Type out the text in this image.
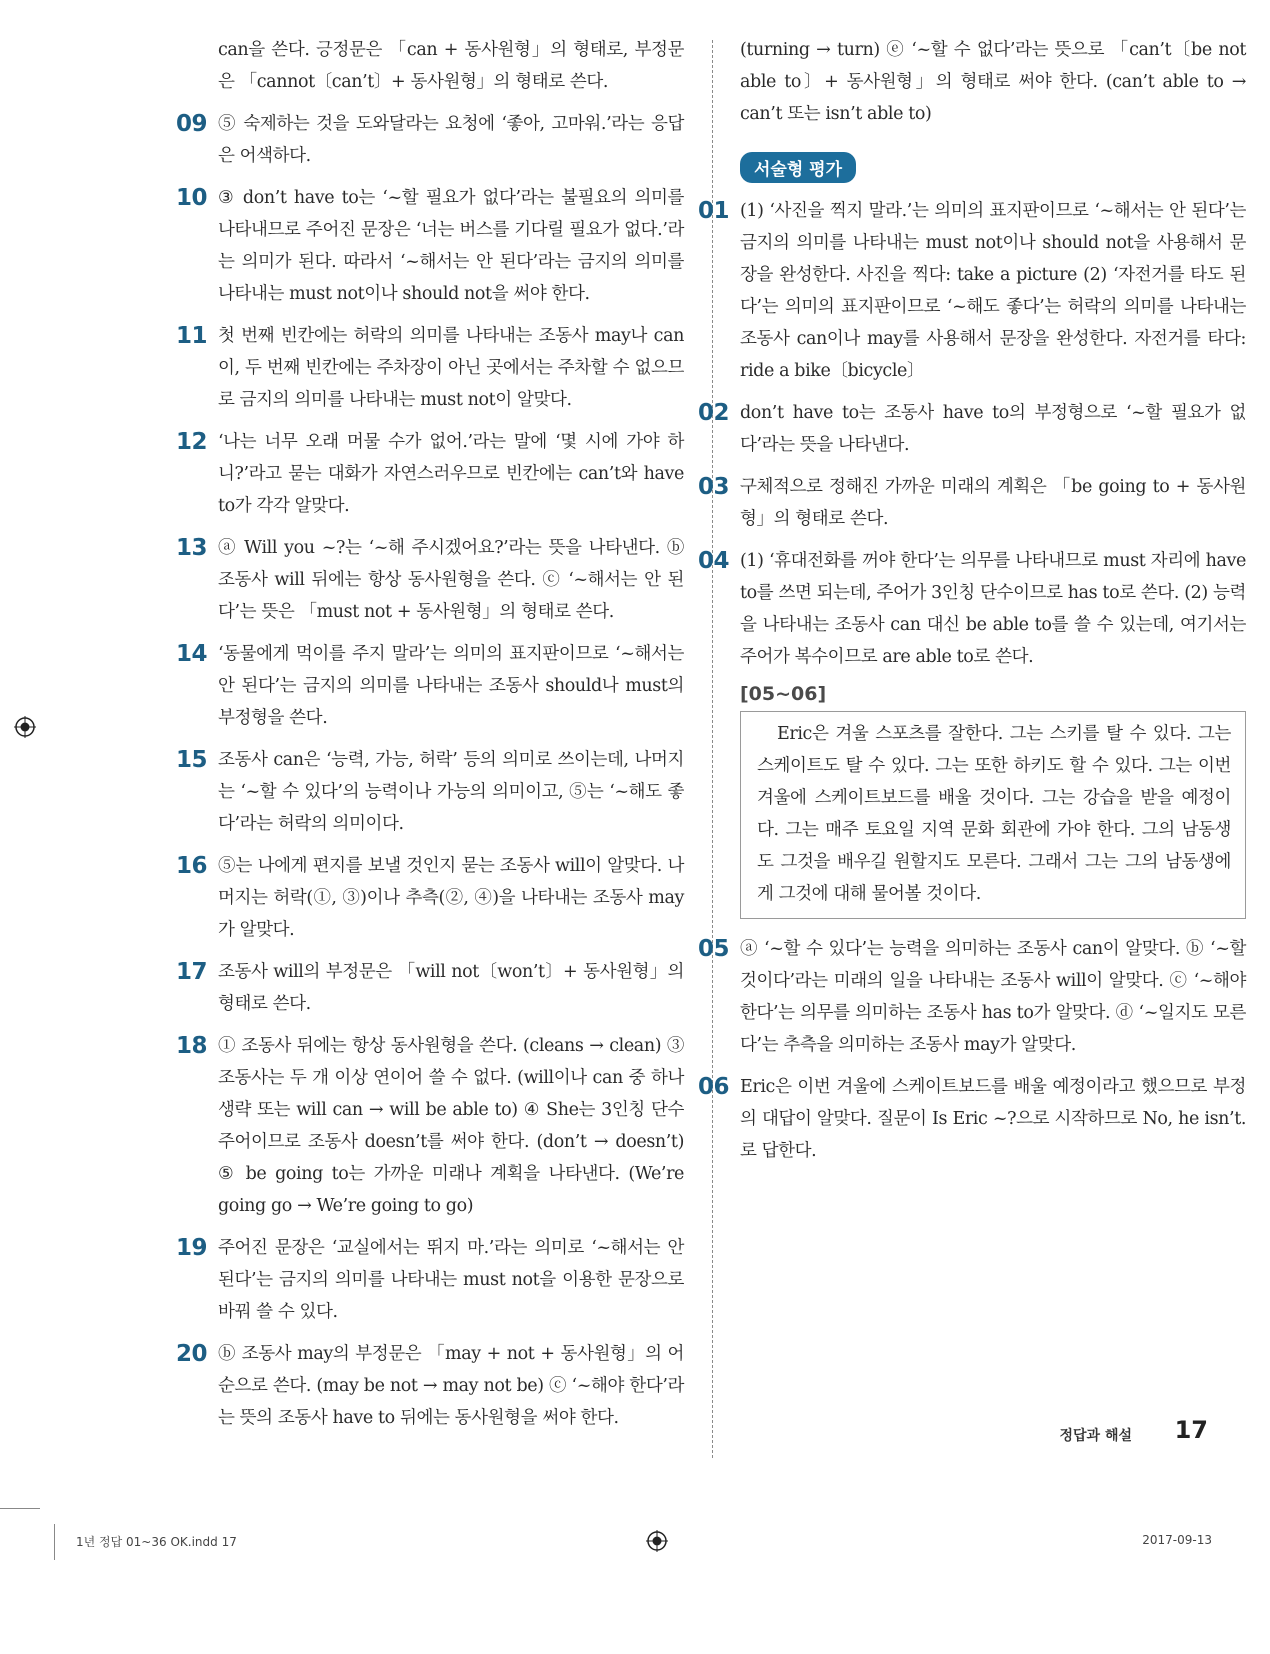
can을 쓴다. 긍정문은 「can + 동사원형」의 형태로, 부정문은 「cannot〔can’t〕+ 동사원형」의 형태로 쓴다.
09 ⑤ 숙제하는 것을 도와달라는 요청에 ‘좋아, 고마워.’라는 응답은 어색하다.
10 ③ don’t have to는 ‘~할 필요가 없다’라는 불필요의 의미를 나타내므로 주어진 문장은 ‘너는 버스를 기다릴 필요가 없다.’라는 의미가 된다. 따라서 ‘~해서는 안 된다’라는 금지의 의미를 나타내는 must not이나 should not을 써야 한다.
11 첫 번째 빈칸에는 허락의 의미를 나타내는 조동사 may나 can이, 두 번째 빈칸에는 주차장이 아닌 곳에서는 주차할 수 없으므로 금지의 의미를 나타내는 must not이 알맞다.
12 ‘나는 너무 오래 머물 수가 없어.’라는 말에 ‘몇 시에 가야 하니?’라고 묻는 대화가 자연스러우므로 빈칸에는 can’t와 have to가 각각 알맞다.
13 ⓐ Will you ~?는 ‘~해 주시겠어요?’라는 뜻을 나타낸다. ⓑ 조동사 will 뒤에는 항상 동사원형을 쓴다. ⓒ ‘~해서는 안 된다’는 뜻은 「must not + 동사원형」의 형태로 쓴다.
14 ‘동물에게 먹이를 주지 말라’는 의미의 표지판이므로 ‘~해서는 안 된다’는 금지의 의미를 나타내는 조동사 should나 must의 부정형을 쓴다.
15 조동사 can은 ‘능력, 가능, 허락’ 등의 의미로 쓰이는데, 나머지는 ‘~할 수 있다’의 능력이나 가능의 의미이고, ⑤는 ‘~해도 좋다’라는 허락의 의미이다.
16 ⑤는 나에게 편지를 보낼 것인지 묻는 조동사 will이 알맞다. 나머지는 허락(①, ③)이나 추측(②, ④)을 나타내는 조동사 may가 알맞다.
17 조동사 will의 부정문은 「will not〔won’t〕+ 동사원형」의 형태로 쓴다.
18 ① 조동사 뒤에는 항상 동사원형을 쓴다. (cleans → clean) ③ 조동사는 두 개 이상 연이어 쓸 수 없다. (will이나 can 중 하나 생략 또는 will can → will be able to) ④ She는 3인칭 단수주어이므로 조동사 doesn’t를 써야 한다. (don’t → doesn’t) ⑤ be going to는 가까운 미래나 계획을 나타낸다. (We’re going go → We’re going to go)
19 주어진 문장은 ‘교실에서는 뛰지 마.’라는 의미로 ‘~해서는 안 된다’는 금지의 의미를 나타내는 must not을 이용한 문장으로 바꿔 쓸 수 있다.
20 ⓑ 조동사 may의 부정문은 「may + not + 동사원형」의 어순으로 쓴다. (may be not → may not be) ⓒ ‘~해야 한다’라는 뜻의 조동사 have to 뒤에는 동사원형을 써야 한다.
(turning → turn) ⓔ ‘~할 수 없다’라는 뜻으로 「can’t〔be not able to〕+ 동사원형」의 형태로 써야 한다. (can’t able to → can’t 또는 isn’t able to)
서술형 평가
01 (1) ‘사진을 찍지 말라.’는 의미의 표지판이므로 ‘~해서는 안 된다’는 금지의 의미를 나타내는 must not이나 should not을 사용해서 문장을 완성한다. 사진을 찍다: take a picture (2) ‘자전거를 타도 된다’는 의미의 표지판이므로 ‘~해도 좋다’는 허락의 의미를 나타내는 조동사 can이나 may를 사용해서 문장을 완성한다. 자전거를 타다: ride a bike〔bicycle〕
02 don’t have to는 조동사 have to의 부정형으로 ‘~할 필요가 없다’라는 뜻을 나타낸다.
03 구체적으로 정해진 가까운 미래의 계획은 「be going to + 동사원형」의 형태로 쓴다.
04 (1) ‘휴대전화를 꺼야 한다’는 의무를 나타내므로 must 자리에 have to를 쓰면 되는데, 주어가 3인칭 단수이므로 has to로 쓴다. (2) 능력을 나타내는 조동사 can 대신 be able to를 쓸 수 있는데, 여기서는 주어가 복수이므로 are able to로 쓴다.
[05~06]
Eric은 겨울 스포츠를 잘한다. 그는 스키를 탈 수 있다. 그는 스케이트도 탈 수 있다. 그는 또한 하키도 할 수 있다. 그는 이번 겨울에 스케이트보드를 배울 것이다. 그는 강습을 받을 예정이다. 그는 매주 토요일 지역 문화 회관에 가야 한다. 그의 남동생도 그것을 배우길 원할지도 모른다. 그래서 그는 그의 남동생에게 그것에 대해 물어볼 것이다.
05 ⓐ ‘~할 수 있다’는 능력을 의미하는 조동사 can이 알맞다. ⓑ ‘~할 것이다’라는 미래의 일을 나타내는 조동사 will이 알맞다. ⓒ ‘~해야 한다’는 의무를 의미하는 조동사 has to가 알맞다. ⓓ ‘~일지도 모른다’는 추측을 의미하는 조동사 may가 알맞다.
06 Eric은 이번 겨울에 스케이트보드를 배울 예정이라고 했으므로 부정의 대답이 알맞다. 질문이 Is Eric ~?으로 시작하므로 No, he isn’t.로 답한다.
정답과 해설 17
1년 정답 01~36 OK.indd 17	2017-09-13
